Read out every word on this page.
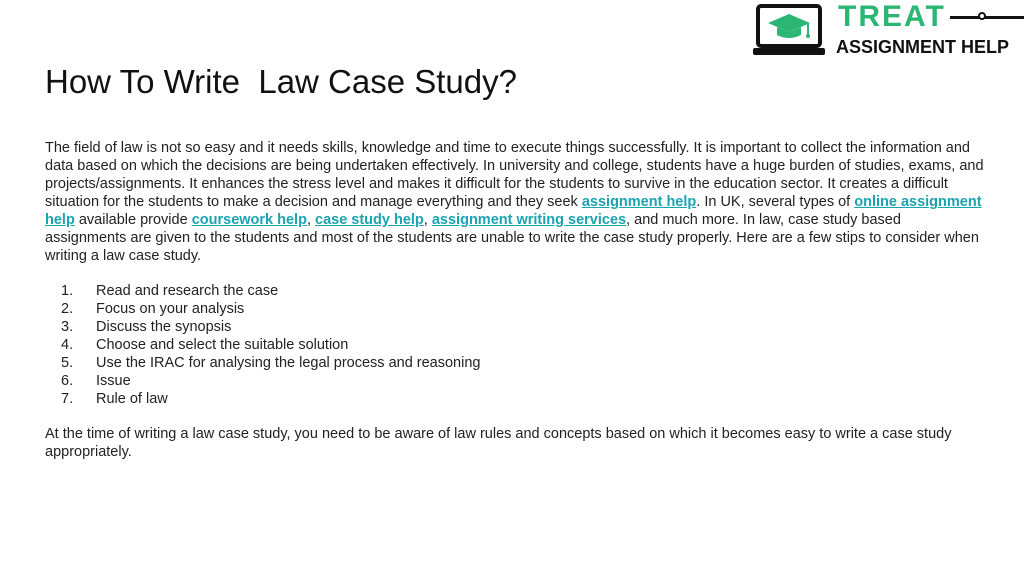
TREAT
ASSIGNMENT HELP
How To Write  Law Case Study?

The field of law is not so easy and it needs skills, knowledge and time to execute things successfully. It is important to collect the information and data based on which the decisions are being undertaken effectively. In university and college, students have a huge burden of studies, exams, and projects/assignments. It enhances the stress level and makes it difficult for the students to survive in the education sector. It creates a difficult situation for the students to make a decision and manage everything and they seek assignment help. In UK, several types of online assignment help available provide coursework help, case study help, assignment writing services, and much more. In law, case study based assignments are given to the students and most of the students are unable to write the case study properly. Here are a few stips to consider when writing a law case study.

1.	Read and research the case
2.	Focus on your analysis
3.	Discuss the synopsis
4.	Choose and select the suitable solution
5.	Use the IRAC for analysing the legal process and reasoning
6.	Issue
7.	Rule of law

At the time of writing a law case study, you need to be aware of law rules and concepts based on which it becomes easy to write a case study appropriately.
